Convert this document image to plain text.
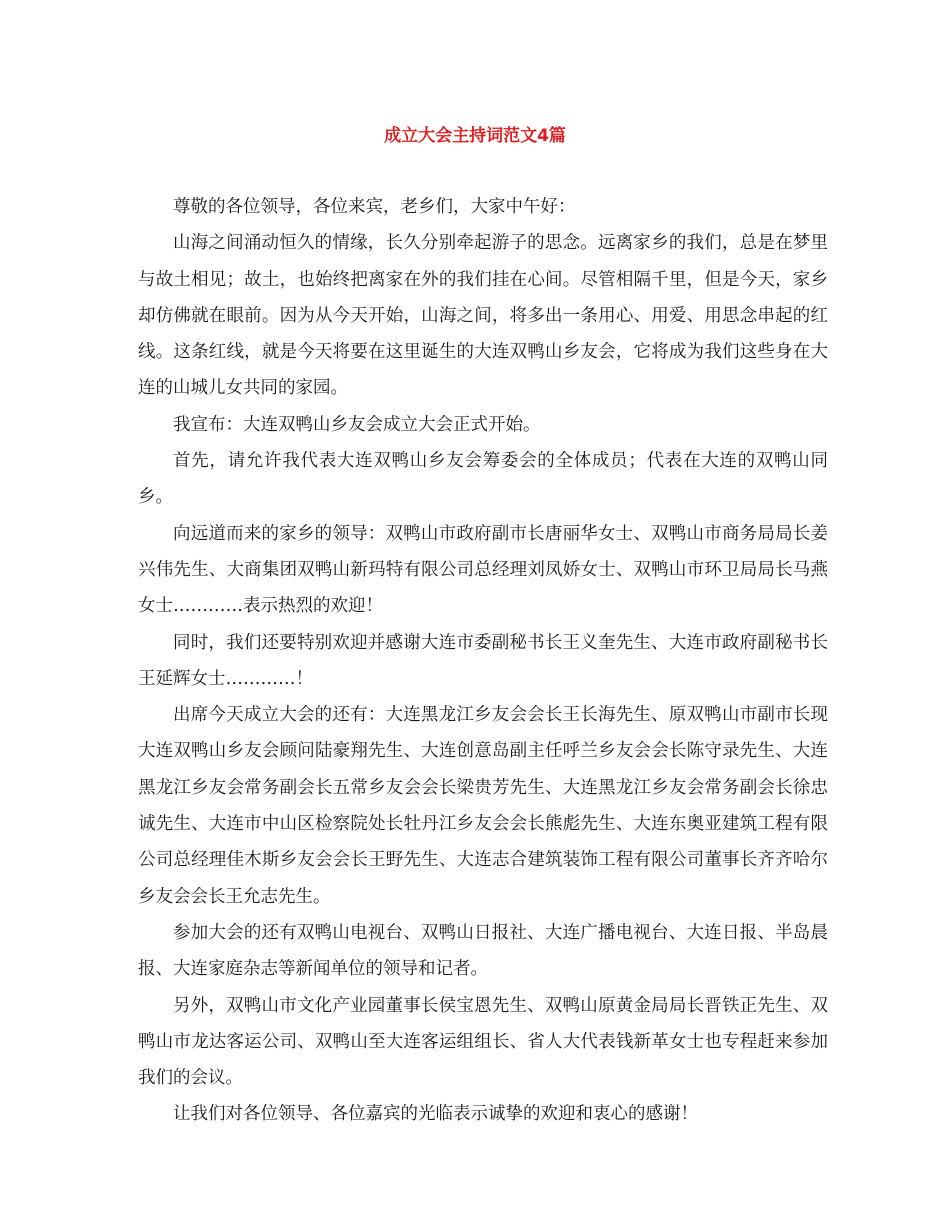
成立大会主持词范文4篇

尊敬的各位领导，各位来宾，老乡们，大家中午好：

山海之间涌动恒久的情缘，长久分别牵起游子的思念。远离家乡的我们，总是在梦里与故土相见；故土，也始终把离家在外的我们挂在心间。尽管相隔千里，但是今天，家乡却仿佛就在眼前。因为从今天开始，山海之间，将多出一条用心、用爱、用思念串起的红线。这条红线，就是今天将要在这里诞生的大连双鸭山乡友会，它将成为我们这些身在大连的山城儿女共同的家园。

我宣布：大连双鸭山乡友会成立大会正式开始。

首先，请允许我代表大连双鸭山乡友会筹委会的全体成员；代表在大连的双鸭山同乡。

向远道而来的家乡的领导：双鸭山市政府副市长唐丽华女士、双鸭山市商务局局长姜兴伟先生、大商集团双鸭山新玛特有限公司总经理刘凤娇女士、双鸭山市环卫局局长马燕女士…………表示热烈的欢迎！

同时，我们还要特别欢迎并感谢大连市委副秘书长王义奎先生、大连市政府副秘书长王延辉女士…………！

出席今天成立大会的还有：大连黑龙江乡友会会长王长海先生、原双鸭山市副市长现大连双鸭山乡友会顾问陆豪翔先生、大连创意岛副主任呼兰乡友会会长陈守录先生、大连黑龙江乡友会常务副会长五常乡友会会长梁贵芳先生、大连黑龙江乡友会常务副会长徐忠诚先生、大连市中山区检察院处长牡丹江乡友会会长熊彪先生、大连东奥亚建筑工程有限公司总经理佳木斯乡友会会长王野先生、大连志合建筑装饰工程有限公司董事长齐齐哈尔乡友会会长王允志先生。

参加大会的还有双鸭山电视台、双鸭山日报社、大连广播电视台、大连日报、半岛晨报、大连家庭杂志等新闻单位的领导和记者。

另外，双鸭山市文化产业园董事长侯宝恩先生、双鸭山原黄金局局长晋铁正先生、双鸭山市龙达客运公司、双鸭山至大连客运组组长、省人大代表钱新革女士也专程赶来参加我们的会议。

让我们对各位领导、各位嘉宾的光临表示诚挚的欢迎和衷心的感谢！
